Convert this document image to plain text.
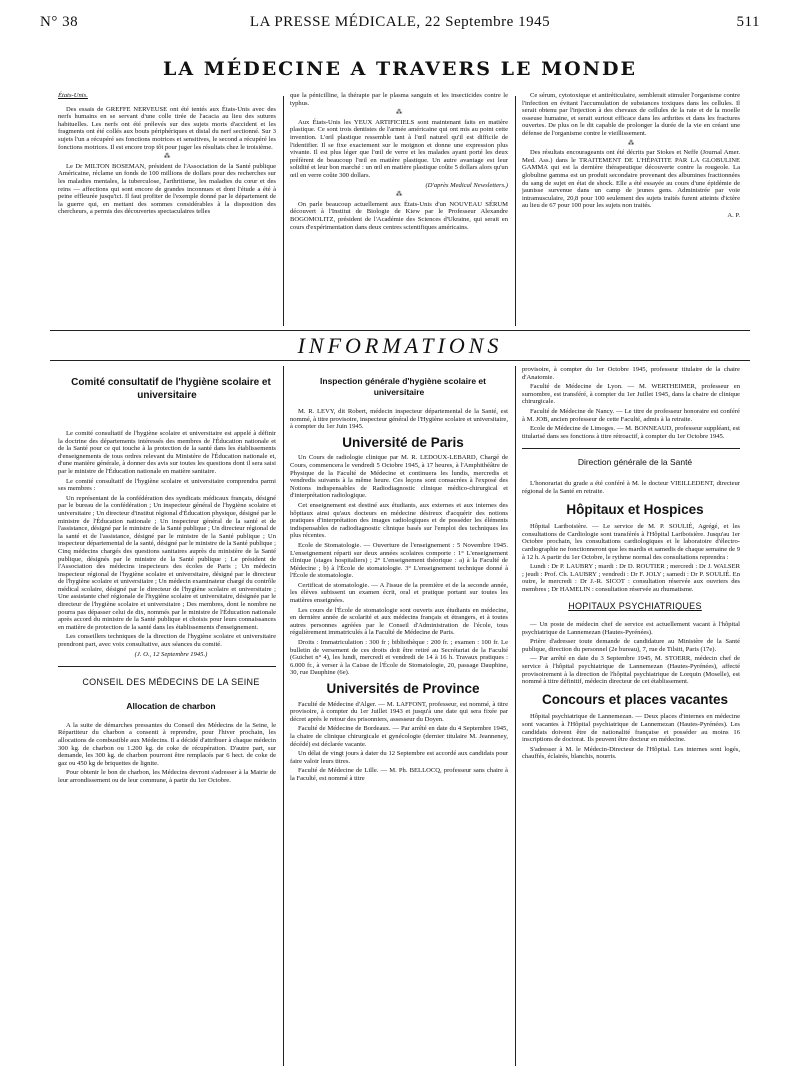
N° 38	LA PRESSE MÉDICALE, 22 Septembre 1945	511
LA MÉDECINE A TRAVERS LE MONDE

États-Unis.

Des essais de GREFFE NERVEUSE ont été tentés aux États-Unis avec des nerfs humains en se servant d'une colle tirée de l'acacia au lieu des sutures habituelles. Les nerfs ont été prélevés sur des sujets morts d'accident et les fragments ont été collés aux bouts périphériques et distal du nerf sectionné. Sur 3 sujets l'un a récupéré ses fonctions motrices et sensitives, le second a récupéré les fonctions motrices. Il est encore trop tôt pour juger les résultats chez le troisième.

⁂

Le Dr MILTON BOSEMAN, président de l'Association de la Santé publique Américaine, réclame un fonds de 100 millions de dollars pour des recherches sur les maladies mentales, la tuberculose, l'arthritisme, les maladies du cœur et des reins — affections qui sont encore de grandes inconnues et dont l'étude a été à peine effleurée jusqu'ici. Il faut profiter de l'exemple donné par le département de la guerre qui, en mettant des sommes considérables à la disposition des chercheurs, a permis des découvertes spectaculaires telles

que la pénicilline, la thérapie par le plasma sanguin et les insecticides contre le typhus.

⁂

Aux États-Unis les YEUX ARTIFICIELS sont maintenant faits en matière plastique. Ce sont trois dentistes de l'armée américaine qui ont mis au point cette invention. L'œil plastique ressemble tant à l'œil naturel qu'il est difficile de l'identifier. Il se fixe exactement sur le moignon et donne une expression plus vivante. Il est plus léger que l'œil de verre et les malades ayant porté les deux préfèrent de beaucoup l'œil en matière plastique. Un autre avantage est leur solidité et leur bon marché : un œil en matière plastique coûte 5 dollars alors qu'un œil en verre coûte 300 dollars.

(D'après Medical Newsletters.)

⁂

On parle beaucoup actuellement aux États-Unis d'un NOUVEAU SÉRUM découvert à l'Institut de Biologie de Kiew par le Professeur Alexandre BOGOMOLITZ, président de l'Académie des Sciences d'Ukraine, qui serait en cours d'expérimentation dans deux centres scientifiques américains.

Ce sérum, cytotoxique et antiréticulaire, semblerait stimuler l'organisme contre l'infection en évitant l'accumulation de substances toxiques dans les cellules. Il serait obtenu par l'injection à des chevaux de cellules de la rate et de la moelle osseuse humaine, et serait surtout efficace dans les arthrites et dans les fractures ouvertes. De plus on le dit capable de prolonger la durée de la vie en créant une défense de l'organisme contre le vieillissement.

⁂

Des résultats encourageants ont été décrits par Stokes et Neffe (Journal Amer. Med. Ass.) dans le TRAITEMENT DE L'HÉPATITE PAR LA GLOBULINE GAMMA qui est la dernière thérapeutique découverte contre la rougeole. La globuline gamma est un produit secondaire provenant des albumines fractionnées du sang de sujet en état de shock. Elle a été essayée au cours d'une épidémie de jaunisse survenue dans un camp de jeunes gens. Administrée par voie intramusculaire, 20,8 pour 100 seulement des sujets traités furent atteints d'ictère au lieu de 67 pour 100 pour les sujets non traités.

A. P.

INFORMATIONS

Comité consultatif de l'hygiène scolaire et universitaire

Le comité consultatif de l'hygiène scolaire et universitaire est appelé à définir la doctrine des départements intéressés des membres de l'Éducation nationale et de la Santé pour ce qui touche à la protection de la santé dans les établissements d'enseignements de tous ordres relevant du Ministère de l'Éducation nationale et, d'une manière générale, à donner des avis sur toutes les questions dont il sera saisi par le ministre de l'Éducation nationale en matière sanitaire.

Le comité consultatif de l'hygiène scolaire et universitaire comprendra parmi ses membres :

Un représentant de la confédération des syndicats médicaux français, désigné par le bureau de la confédération ; Un inspecteur général de l'hygiène scolaire et universitaire ; Un directeur d'institut régional d'Éducation physique, désigné par le ministre de l'Éducation nationale ; Un inspecteur général de la santé et de l'assistance, désigné par le ministre de la Santé publique ; Un directeur régional de la santé et de l'assistance, désigné par le ministre de la Santé publique ; Un inspecteur départemental de la santé, désigné par le ministre de la Santé publique ; Cinq médecins chargés des questions sanitaires auprès du ministère de la Santé publique, désignés par le ministre de la Santé publique ; Le président de l'Association des médecins inspecteurs des écoles de Paris ; Un médecin inspecteur régional de l'hygiène scolaire et universitaire, désigné par le directeur de l'hygiène scolaire et universitaire ; Un médecin examinateur chargé du contrôle médical scolaire, désigné par le directeur de l'hygiène scolaire et universitaire ; Une assistante chef régionale de l'hygiène scolaire et universitaire, désignée par le directeur de l'hygiène scolaire et universitaire ; Des membres, dont le nombre ne pourra pas dépasser celui de dix, nommés par le ministre de l'Éducation nationale après accord du ministre de la Santé publique et choisis pour leurs connaissances en matière de protection de la santé dans les établissements d'enseignement.

Les conseillers techniques de la direction de l'hygiène scolaire et universitaire prendront part, avec voix consultative, aux séances du comité.

(J. O., 12 Septembre 1945.)

CONSEIL DES MÉDECINS DE LA SEINE

Allocation de charbon

A la suite de démarches pressantes du Conseil des Médecins de la Seine, le Répartiteur du charbon a consenti à reprendre, pour l'hiver prochain, les allocations de combustible aux Médecins. Il a décidé d'attribuer à chaque médecin 300 kg. de charbon ou 1.200 kg. de coke de récupération. D'autre part, sur demande, les 300 kg. de charbon pourront être remplacés par 6 hect. de coke de gaz ou 450 kg de briquettes de lignite.

Pour obtenir le bon de charbon, les Médecins devront s'adresser à la Mairie de leur arrondissement ou de leur commune, à partir du 1er Octobre.

Inspection générale d'hygiène scolaire et universitaire

M. R. LEVY, dit Robert, médecin inspecteur départemental de la Santé, est nommé, à titre provisoire, inspecteur général de l'Hygiène scolaire et universitaire, à compter du 1er Juin 1945.

Université de Paris

Un Cours de radiologie clinique par M. R. LEDOUX-LEBARD, Chargé de Cours, commencera le vendredi 5 Octobre 1945, à 17 heures, à l'Amphithéâtre de Physique de la Faculté de Médecine et continuera les lundis, mercredis et vendredis suivants à la même heure. Ces leçons sont consacrées à l'exposé des Notions indispensables de Radiodiagnostic clinique médico-chirurgical et d'interprétation radiologique.

Cet enseignement est destiné aux étudiants, aux externes et aux internes des hôpitaux ainsi qu'aux docteurs en médecine désireux d'acquérir des notions pratiques d'interprétation des images radiologiques et de posséder les éléments indispensables de radiodiagnostic clinique basés sur l'emploi des techniques les plus récentes.

Ecole de Stomatologie. — Ouverture de l'enseignement : 5 Novembre 1945. L'enseignement réparti sur deux années scolaires comporte : 1° L'enseignement clinique (stages hospitaliers) ; 2° L'enseignement théorique : a) à la Faculté de Médecine ; b) à l'École de stomatologie. 3° L'enseignement technique donné à l'École de stomatologie.

Certificat de stomatologie. — A l'issue de la première et de la seconde année, les élèves subissent un examen écrit, oral et pratique portant sur toutes les matières enseignées.

Les cours de l'École de stomatologie sont ouverts aux étudiants en médecine, en dernière année de scolarité et aux médecins français et étrangers, et à toutes autres personnes agréées par le Conseil d'Administration de l'école, tous régulièrement immatriculés à la Faculté de Médecine de Paris.

Droits : Immatriculation : 300 fr ; bibliothèque : 200 fr. ; examen : 100 fr. Le bulletin de versement de ces droits doit être retiré au Secrétariat de la Faculté (Guichet n° 4), les lundi, mercredi et vendredi de 14 à 16 h. Travaux pratiques : 6.000 fr., à verser à la Caisse de l'École de Stomatologie, 20, passage Dauphine, 30, rue Dauphine (6e).

Universités de Province

Faculté de Médecine d'Alger. — M. LAFFONT, professeur, est nommé, à titre provisoire, à compter du 1er Juillet 1943 et jusqu'à une date qui sera fixée par décret après le retour des prisonniers, assesseur du Doyen.

Faculté de Médecine de Bordeaux. — Par arrêté en date du 4 Septembre 1945, la chaire de clinique chirurgicale et gynécologie (dernier titulaire M. Jeanneney, décédé) est déclarée vacante.

Un délai de vingt jours à dater du 12 Septembre est accordé aux candidats pour faire valoir leurs titres.

Faculté de Médecine de Lille. — M. Ph. BELLOCQ, professeur sans chaire à la Faculté, est nommé à titre

provisoire, à compter du 1er Octobre 1945, professeur titulaire de la chaire d'Anatomie.

Faculté de Médecine de Lyon. — M. WERTHEIMER, professeur en surnombre, est transféré, à compter du 1er Juillet 1945, dans la chaire de clinique chirurgicale.

Faculté de Médecine de Nancy. — Le titre de professeur honoraire est conféré à M. JOB, ancien professeur de cette Faculté, admis à la retraite.

Ecole de Médecine de Limoges. — M. BONNEAUD, professeur suppléant, est titularisé dans ses fonctions à titre rétroactif, à compter du 1er Octobre 1945.

Direction générale de la Santé

L'honorariat du grade a été conféré à M. le docteur VIEILLEDENT, directeur régional de la Santé en retraite.

Hôpitaux et Hospices

Hôpital Lariboisière. — Le service de M. P. SOULIÉ, Agrégé, et les consultations de Cardiologie sont transférés à l'Hôpital Lariboisière. Jusqu'au 1er Octobre prochain, les consultations cardiologiques et le laboratoire d'électro-cardiographie ne fonctionneront que les mardis et samedis de chaque semaine de 9 à 12 h. A partir du 1er Octobre, le rythme normal des consultations reprendra :

Lundi : Dr P. LAUBRY ; mardi : Dr D. ROUTIER ; mercredi : Dr J. WALSER ; jeudi : Prof. Ch. LAUBRY ; vendredi : Dr F. JOLY ; samedi : Dr P. SOULIÉ. En outre, le mercredi : Dr J.-R. SICOT : consultation réservée aux ouvriers des membres ; Dr HAMELIN : consultation réservée au rhumatisme.

HOPITAUX PSYCHIATRIQUES

— Un poste de médecin chef de service est actuellement vacant à l'hôpital psychiatrique de Lannemezan (Hautes-Pyrénées).

Prière d'adresser toute demande de candidature au Ministère de la Santé publique, direction du personnel (2e bureau), 7, rue de Tilsitt, Paris (17e).

— Par arrêté en date du 3 Septembre 1945, M. STOERR, médecin chef de service à l'hôpital psychiatrique de Lannemezan (Hautes-Pyrénées), affecté provisoirement à la direction de l'hôpital psychiatrique de Lorquin (Moselle), est nommé à titre définitif, médecin directeur de cet établissement.

Concours et places vacantes

Hôpital psychiatrique de Lannemezan. — Deux places d'internes en médecine sont vacantes à l'Hôpital psychiatrique de Lannemezan (Hautes-Pyrénées). Les candidats doivent être de nationalité française et posséder au moins 16 inscriptions de doctorat. Ils peuvent être docteur en médecine.

S'adresser à M. le Médecin-Directeur de l'Hôpital. Les internes sont logés, chauffés, éclairés, blanchis, nourris.
